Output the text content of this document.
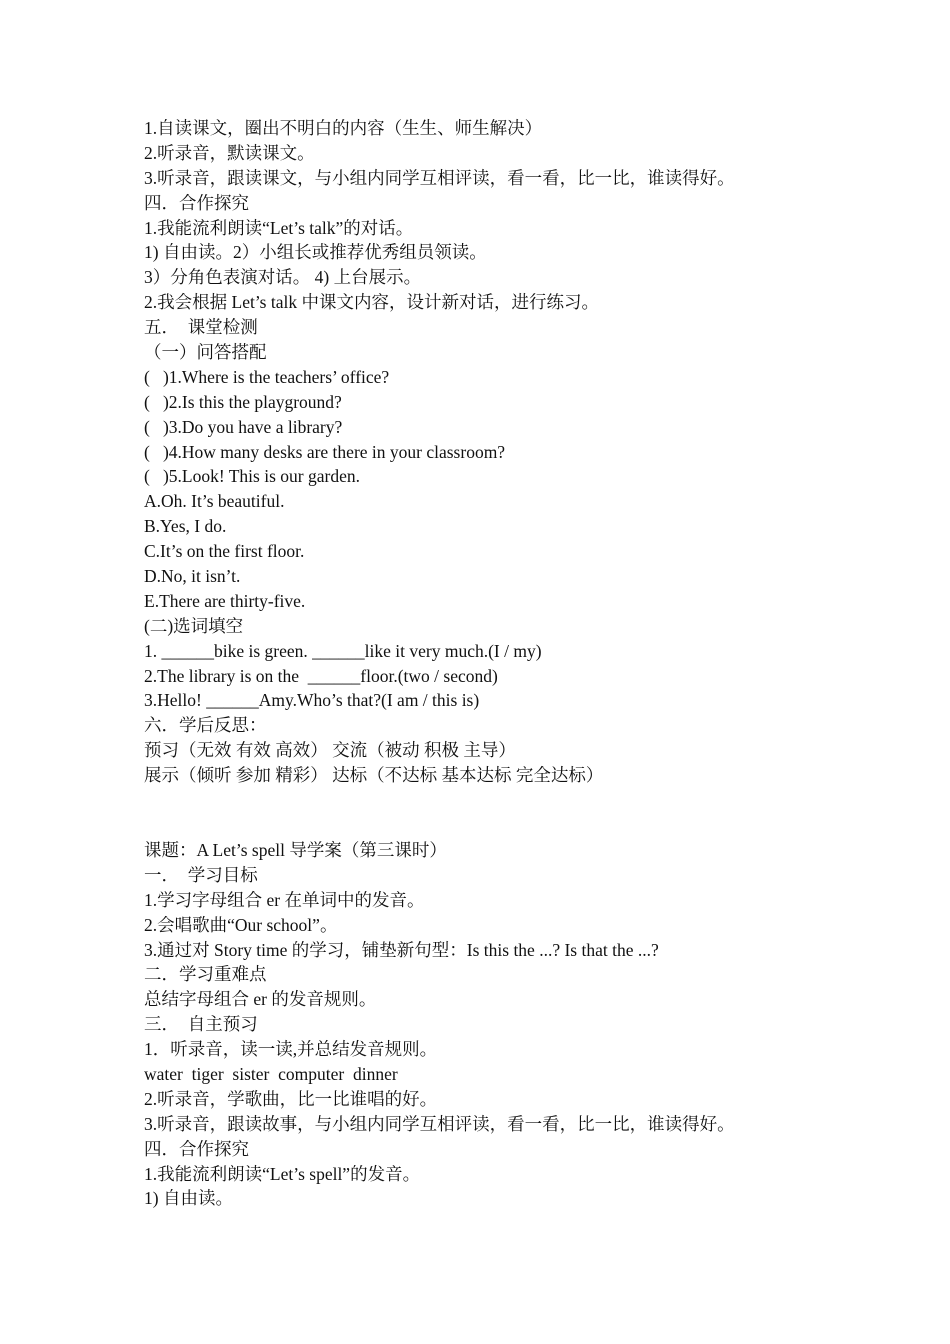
1.自读课文，圈出不明白的内容（生生、师生解决）
2.听录音，默读课文。
3.听录音，跟读课文，与小组内同学互相评读，看一看，比一比，谁读得好。
四．合作探究
1.我能流利朗读“Let’s talk”的对话。
1) 自由读。2）小组长或推荐优秀组员领读。
3）分角色表演对话。 4) 上台展示。
2.我会根据 Let’s talk 中课文内容，设计新对话，进行练习。
五．  课堂检测
（一）问答搭配
(   )1.Where is the teachers’ office?
(   )2.Is this the playground?
(   )3.Do you have a library?
(   )4.How many desks are there in your classroom?
(   )5.Look! This is our garden.
A.Oh. It’s beautiful.
B.Yes, I do.
C.It’s on the first floor.
D.No, it isn’t.
E.There are thirty-five.
(二)选词填空
1. ______bike is green. ______like it very much.(I / my)
2.The library is on the  ______floor.(two / second)
3.Hello! ______Amy.Who’s that?(I am / this is)
六．学后反思：
预习（无效 有效 高效） 交流（被动 积极 主导）
展示（倾听 参加 精彩） 达标（不达标 基本达标 完全达标）
课题：A Let’s spell 导学案（第三课时）
一．  学习目标
1.学习字母组合 er 在单词中的发音。
2.会唱歌曲“Our school”。
3.通过对 Story time 的学习，铺垫新句型：Is this the ...? Is that the ...?
二．学习重难点
总结字母组合 er 的发音规则。
三．  自主预习
1．听录音，读一读,并总结发音规则。
water  tiger  sister  computer  dinner
2.听录音，学歌曲，比一比谁唱的好。
3.听录音，跟读故事，与小组内同学互相评读，看一看，比一比，谁读得好。
四．合作探究
1.我能流利朗读“Let’s spell”的发音。
1) 自由读。
